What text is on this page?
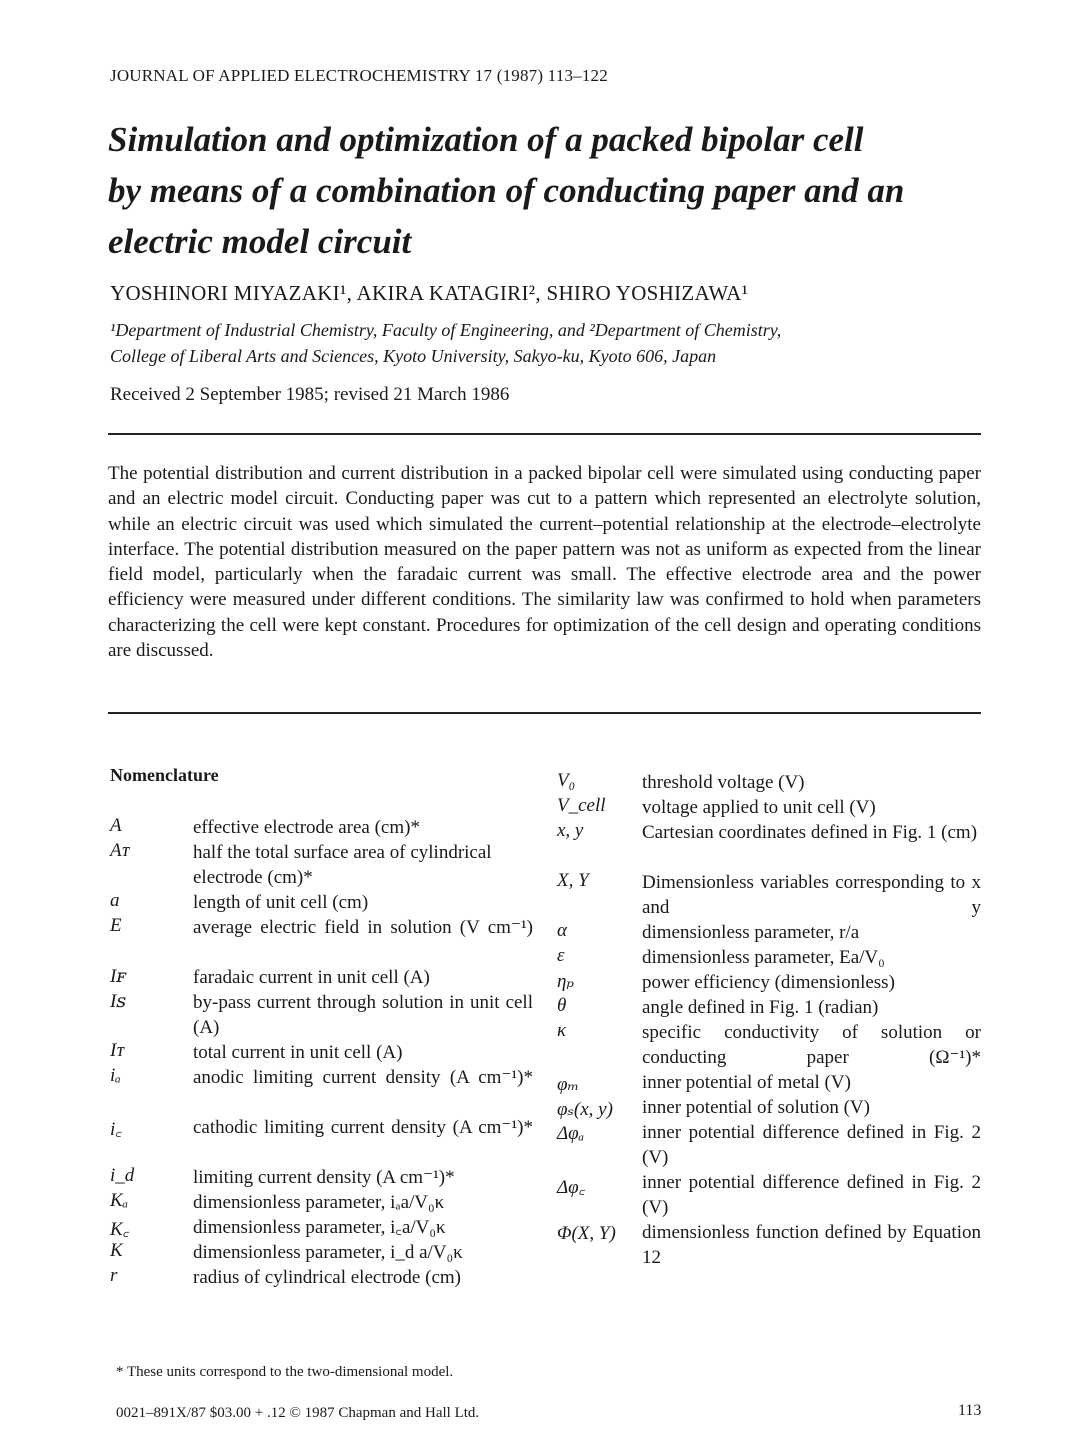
JOURNAL OF APPLIED ELECTROCHEMISTRY 17 (1987) 113–122
Simulation and optimization of a packed bipolar cell
by means of a combination of conducting paper and an
electric model circuit
YOSHINORI MIYAZAKI¹, AKIRA KATAGIRI², SHIRO YOSHIZAWA¹
¹Department of Industrial Chemistry, Faculty of Engineering, and ²Department of Chemistry,
College of Liberal Arts and Sciences, Kyoto University, Sakyo-ku, Kyoto 606, Japan
Received 2 September 1985; revised 21 March 1986
The potential distribution and current distribution in a packed bipolar cell were simulated using conducting paper and an electric model circuit. Conducting paper was cut to a pattern which represented an electrolyte solution, while an electric circuit was used which simulated the current–potential relationship at the electrode–electrolyte interface. The potential distribution measured on the paper pattern was not as uniform as expected from the linear field model, particularly when the faradaic current was small. The effective electrode area and the power efficiency were measured under different conditions. The similarity law was confirmed to hold when parameters characterizing the cell were kept constant. Procedures for optimization of the cell design and operating conditions are discussed.
Nomenclature
A	effective electrode area (cm)*
Aᴛ	half the total surface area of cylindrical electrode (cm)*
a	length of unit cell (cm)
E	average electric field in solution (V cm⁻¹)
Iꜰ	faradaic current in unit cell (A)
Iꜱ	by-pass current through solution in unit cell (A)
Iᴛ	total current in unit cell (A)
iₐ	anodic limiting current density (A cm⁻¹)*
i꜀	cathodic limiting current density (A cm⁻¹)*
i_d	limiting current density (A cm⁻¹)*
Kₐ	dimensionless parameter, iₐa/V₀κ
K꜀	dimensionless parameter, i꜀a/V₀κ
K	dimensionless parameter, i_d a/V₀κ
r	radius of cylindrical electrode (cm)
V₀	threshold voltage (V)
V_cell voltage applied to unit cell (V)
x, y	Cartesian coordinates defined in Fig. 1 (cm)
X, Y	Dimensionless variables corresponding to x and y
α	dimensionless parameter, r/a
ε	dimensionless parameter, Ea/V₀
ηₚ	power efficiency (dimensionless)
θ	angle defined in Fig. 1 (radian)
κ	specific conductivity of solution or conducting paper (Ω⁻¹)*
φₘ	inner potential of metal (V)
φₛ(x, y) inner potential of solution (V)
Δφₐ	inner potential difference defined in Fig. 2 (V)
Δφ꜀	inner potential difference defined in Fig. 2 (V)
Φ(X, Y) dimensionless function defined by Equation 12
* These units correspond to the two-dimensional model.
0021–891X/87 $03.00 + .12 © 1987 Chapman and Hall Ltd.	113
